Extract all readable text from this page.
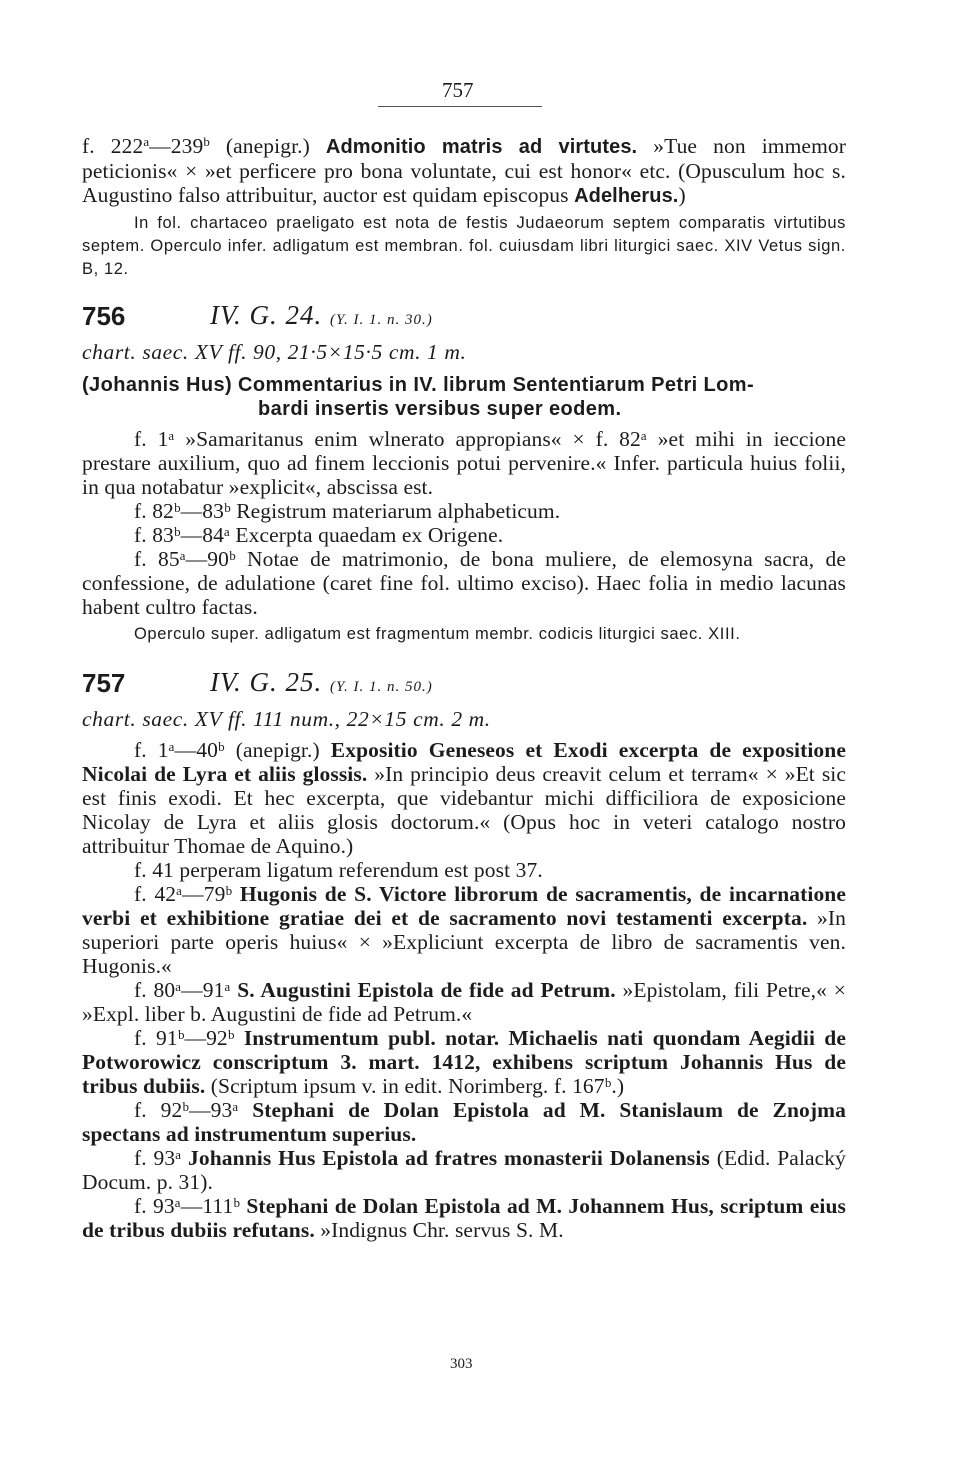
757

f. 222$^a$—239$^b$ (anepigr.) Admonitio matris ad virtutes. »Tue non immemor peticionis« × »et perficere pro bona voluntate, cui est honor« etc. (Opusculum hoc s. Augustino falso attribuitur, auctor est quidam episcopus Adelherus.)

In fol. chartaceo praeligato est nota de festis Judaeorum septem comparatis virtutibus septem. Operculo infer. adligatum est membran. fol. cuiusdam libri liturgici saec. XIV Vetus sign. B, 12.

756	IV. G. 24. (Y. I. 1. n. 30.)

chart. saec. XV ff. 90, 21·5×15·5 cm. 1 m.

(Johannis Hus) Commentarius in IV. librum Sententiarum Petri Lom-
bardi insertis versibus super eodem.

f. 1ᵃ »Samaritanus enim wlnerato appropians« × f. 82ᵃ »et mihi in ieccione prestare auxilium, quo ad finem leccionis potui pervenire.« Infer. particula huius folii, in qua notabatur »explicit«, abscissa est.

f. 82ᵇ—83ᵇ Registrum materiarum alphabeticum.

f. 83ᵇ—84ᵃ Excerpta quaedam ex Origene.

f. 85ᵃ—90ᵇ Notae de matrimonio, de bona muliere, de elemosyna sacra, de confessione, de adulatione (caret fine fol. ultimo exciso). Haec folia in medio lacunas habent cultro factas.

Operculo super. adligatum est fragmentum membr. codicis liturgici saec. XIII.

757	IV. G. 25. (Y. I. 1. n. 50.)

chart. saec. XV ff. 111 num., 22×15 cm. 2 m.

f. 1ᵃ—40ᵇ (anepigr.) Expositio Geneseos et Exodi excerpta de expositione Nicolai de Lyra et aliis glossis. »In principio deus creavit celum et terram« × »Et sic est finis exodi. Et hec excerpta, que videbantur michi difficiliora de exposicione Nicolay de Lyra et aliis glosis doctorum.« (Opus hoc in veteri catalogo nostro attribuitur Thomae de Aquino.)

f. 41 perperam ligatum referendum est post 37.

f. 42ᵃ—79ᵇ Hugonis de S. Victore librorum de sacramentis, de incarnatione verbi et exhibitione gratiae dei et de sacramento novi testamenti excerpta. »In superiori parte operis huius« × »Expliciunt excerpta de libro de sacramentis ven. Hugonis.«

f. 80ᵃ—91ᵃ S. Augustini Epistola de fide ad Petrum. »Epistolam, fili Petre,« × »Expl. liber b. Augustini de fide ad Petrum.«

f. 91ᵇ—92ᵇ Instrumentum publ. notar. Michaelis nati quondam Aegidii de Potworowicz conscriptum 3. mart. 1412, exhibens scriptum Johannis Hus de tribus dubiis. (Scriptum ipsum v. in edit. Norimberg. f. 167ᵇ.)

f. 92ᵇ—93ᵃ Stephani de Dolan Epistola ad M. Stanislaum de Znojma spectans ad instrumentum superius.

f. 93ᵃ Johannis Hus Epistola ad fratres monasterii Dolanensis (Edid. Palacký Docum. p. 31).

f. 93ᵃ—111ᵇ Stephani de Dolan Epistola ad M. Johannem Hus, scriptum eius de tribus dubiis refutans. »Indignus Chr. servus S. M.

303
